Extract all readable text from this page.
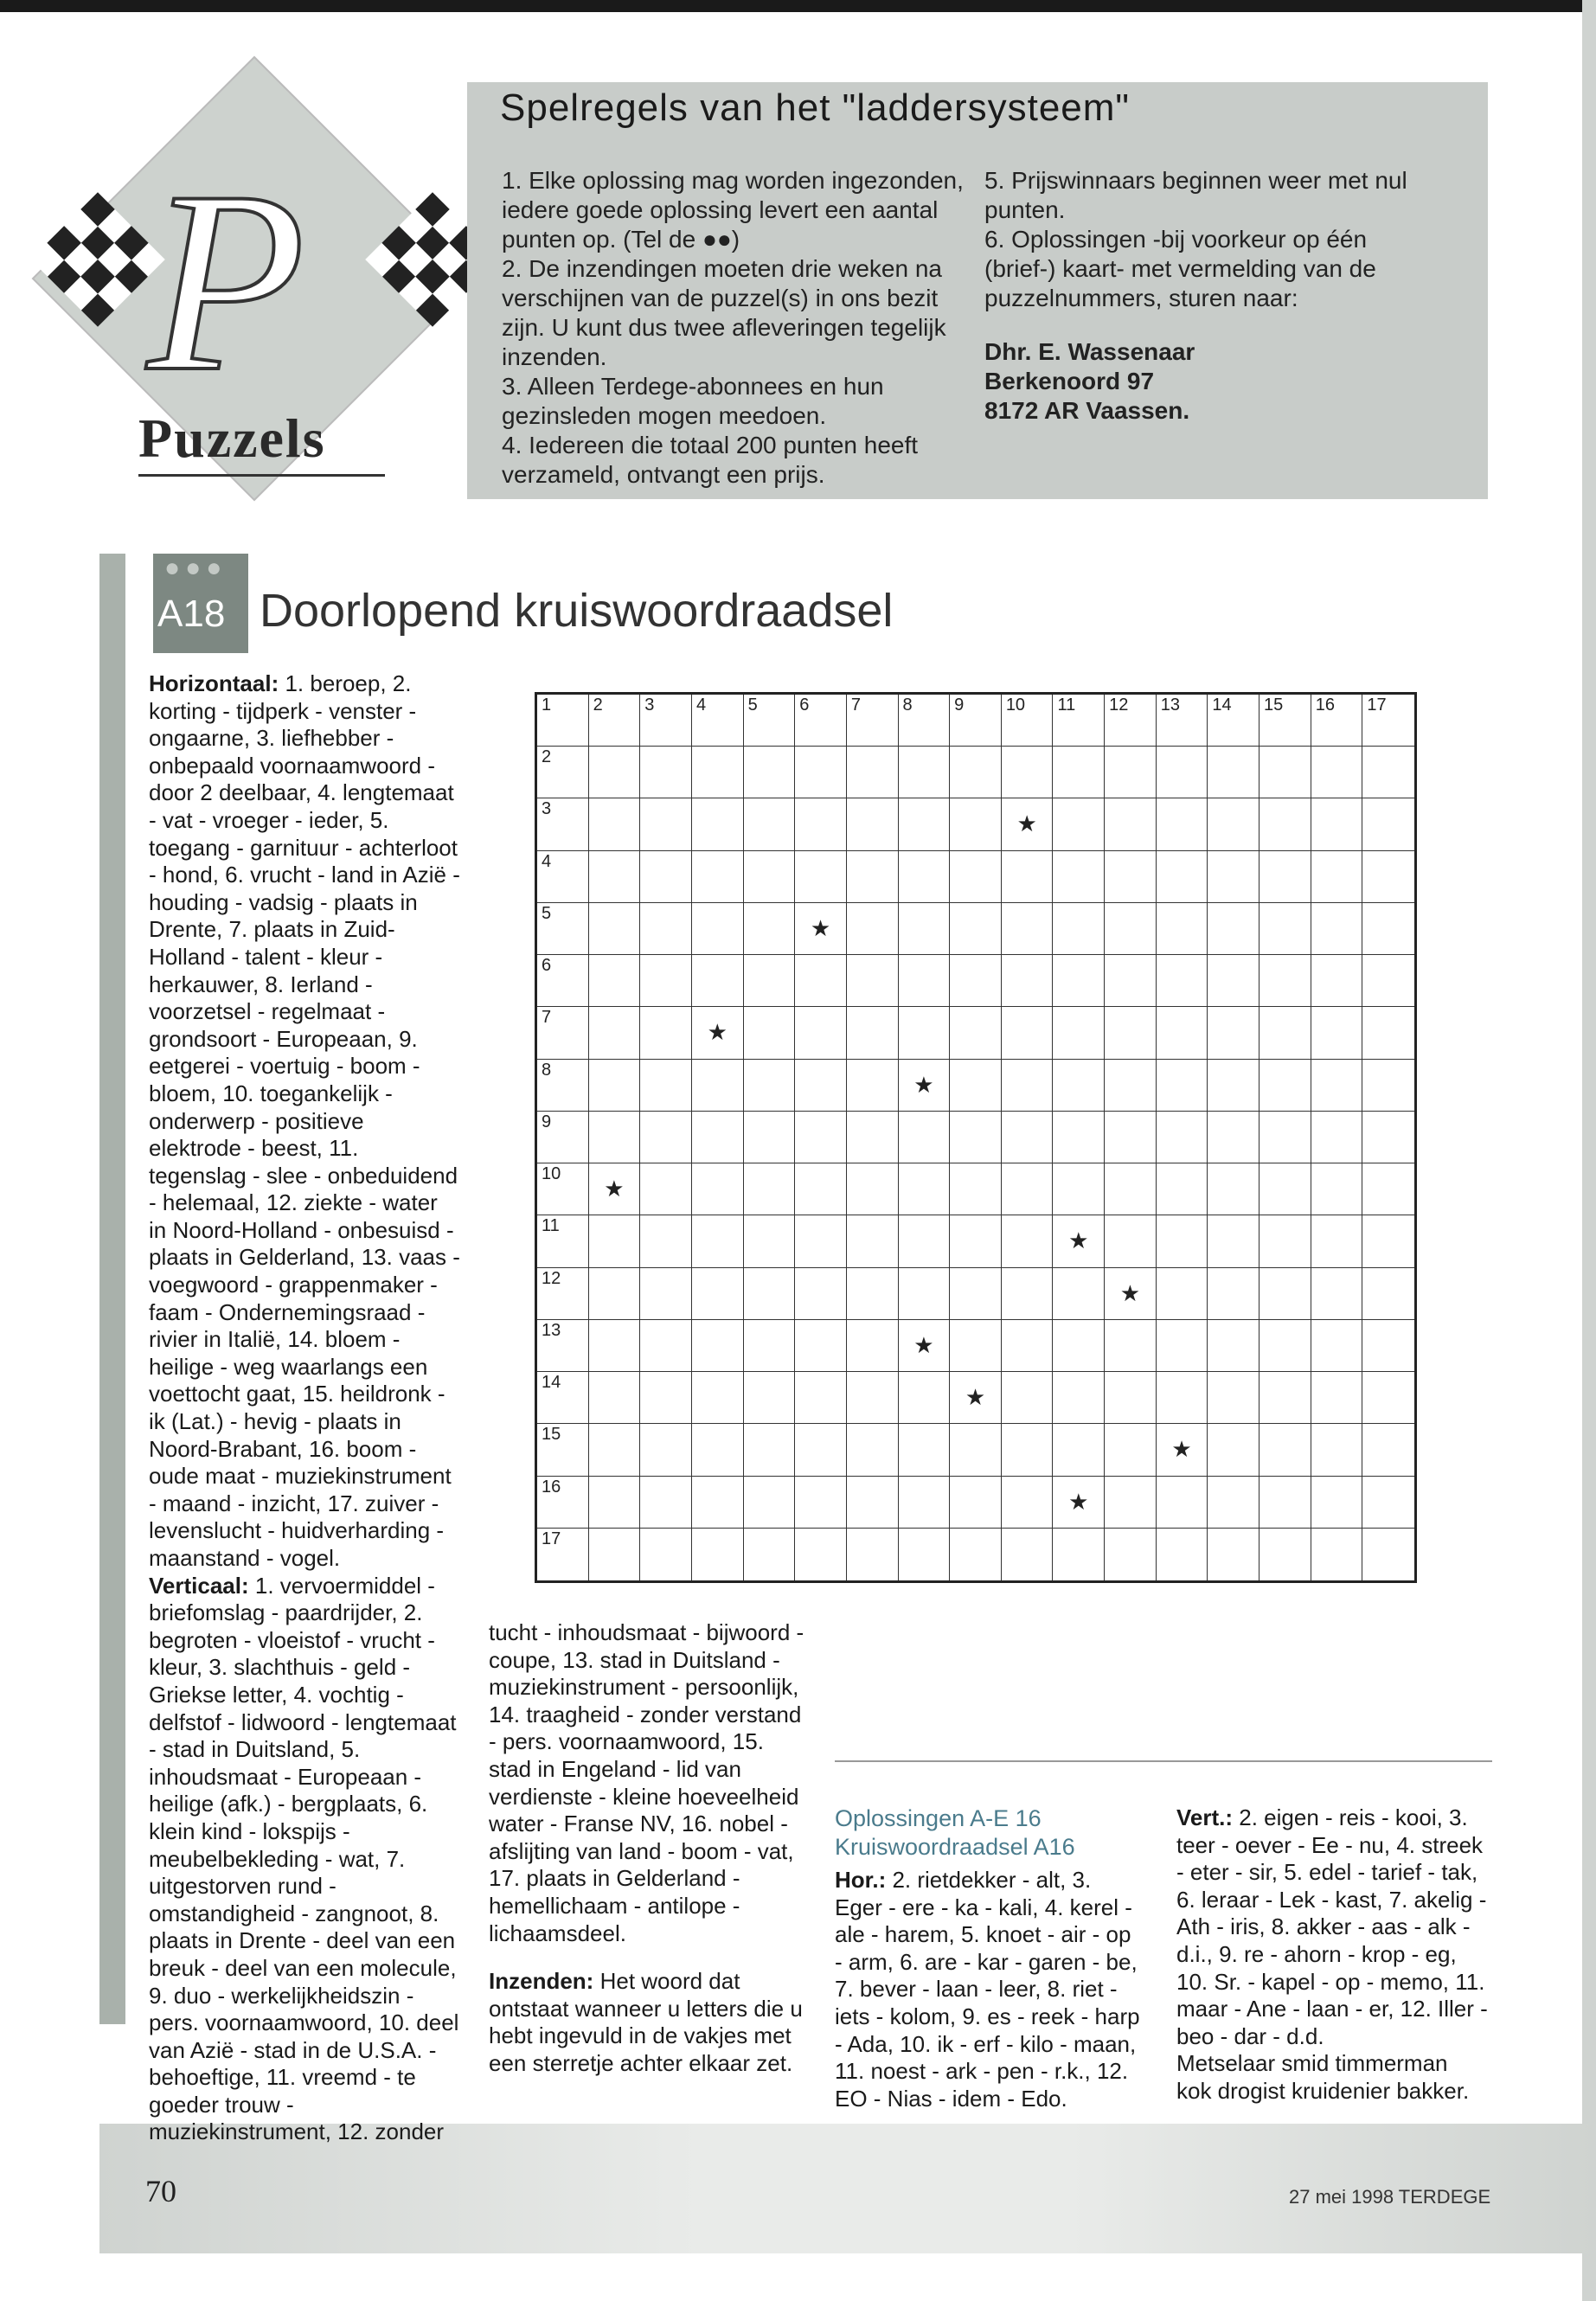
P
Puzzels
Spelregels van het "laddersysteem"

1. Elke oplossing mag worden ingezonden, iedere goede oplossing levert een aantal punten op. (Tel de ●●)

2. De inzendingen moeten drie weken na verschijnen van de puzzel(s) in ons bezit zijn. U kunt dus twee afleveringen tegelijk inzenden.

3. Alleen Terdege-abonnees en hun gezinsleden mogen meedoen.

4. Iedereen die totaal 200 punten heeft verzameld, ontvangt een prijs.

5. Prijswinnaars beginnen weer met nul punten.

6. Oplossingen -bij voorkeur op één (brief-) kaart- met vermelding van de puzzelnummers, sturen naar:

Dhr. E. Wassenaar

Berkenoord 97

8172 AR Vaassen.

●●●
A18 Doorlopend kruiswoordraadsel
Horizontaal: 1. beroep, 2. korting - tijdperk - venster - ongaarne, 3. liefhebber - onbepaald voornaamwoord - door 2 deelbaar, 4. lengtemaat - vat - vroeger - ieder, 5. toegang - garnituur - achterloot - hond, 6. vrucht - land in Azië - houding - vadsig - plaats in Drente, 7. plaats in Zuid-Holland - talent - kleur - herkauwer, 8. Ierland - voorzetsel - regelmaat - grondsoort - Europeaan, 9. eetgerei - voertuig - boom - bloem, 10. toegankelijk - onderwerp - positieve elektrode - beest, 11. tegenslag - slee - onbeduidend - helemaal, 12. ziekte - water in Noord-Holland - onbesuisd - plaats in Gelderland, 13. vaas - voegwoord - grappenmaker - faam - Ondernemingsraad - rivier in Italië, 14. bloem - heilige - weg waarlangs een voettocht gaat, 15. heildronk - ik (Lat.) - hevig - plaats in Noord-Brabant, 16. boom - oude maat - muziekinstrument - maand - inzicht, 17. zuiver - levenslucht - huidverharding - maanstand - vogel.
Verticaal: 1. vervoermiddel - briefomslag - paardrijder, 2. begroten - vloeistof - vrucht - kleur, 3. slachthuis - geld - Griekse letter, 4. vochtig - delfstof - lidwoord - lengtemaat - stad in Duitsland, 5. inhoudsmaat - Europeaan - heilige (afk.) - bergplaats, 6. klein kind - lokspijs - meubelbekleding - wat, 7. uitgestorven rund - omstandigheid - zangnoot, 8. plaats in Drente - deel van een breuk - deel van een molecule, 9. duo - werkelijkheidszin - pers. voornaamwoord, 10. deel van Azië - stad in de U.S.A. - behoeftige, 11. vreemd - te goeder trouw - muziekinstrument, 12. zonder
1 2 3 4 5 6 7 8 9 10 11 12 13 14 15 16 17
2
3
★
4
5
★
6
7
★
8
★
9
10
★
11
★
12
★
13
★
14
★
15
★
16
★
17
tucht - inhoudsmaat - bijwoord - coupe, 13. stad in Duitsland - muziekinstrument - persoonlijk, 14. traagheid - zonder verstand - pers. voornaamwoord, 15. stad in Engeland - lid van verdienste - kleine hoeveelheid water - Franse NV, 16. nobel - afslijting van land - boom - vat, 17. plaats in Gelderland - hemellichaam - antilope - lichaamsdeel.
Inzenden: Het woord dat ontstaat wanneer u letters die u hebt ingevuld in de vakjes met een sterretje achter elkaar zet.
Oplossingen A-E 16
Kruiswoordraadsel A16
Hor.: 2. rietdekker - alt, 3. Eger - ere - ka - kali, 4. kerel - ale - harem, 5. knoet - air - op - arm, 6. are - kar - garen - be, 7. bever - laan - leer, 8. riet - iets - kolom, 9. es - reek - harp - Ada, 10. ik - erf - kilo - maan, 11. noest - ark - pen - r.k., 12. EO - Nias - idem - Edo.
Vert.: 2. eigen - reis - kooi, 3. teer - oever - Ee - nu, 4. streek - eter - sir, 5. edel - tarief - tak, 6. leraar - Lek - kast, 7. akelig - Ath - iris, 8. akker - aas - alk - d.i., 9. re - ahorn - krop - eg, 10. Sr. - kapel - op - memo, 11. maar - Ane - laan - er, 12. Iller - beo - dar - d.d.
Metselaar smid timmerman kok drogist kruidenier bakker.
70	27 mei 1998 TERDEGE
